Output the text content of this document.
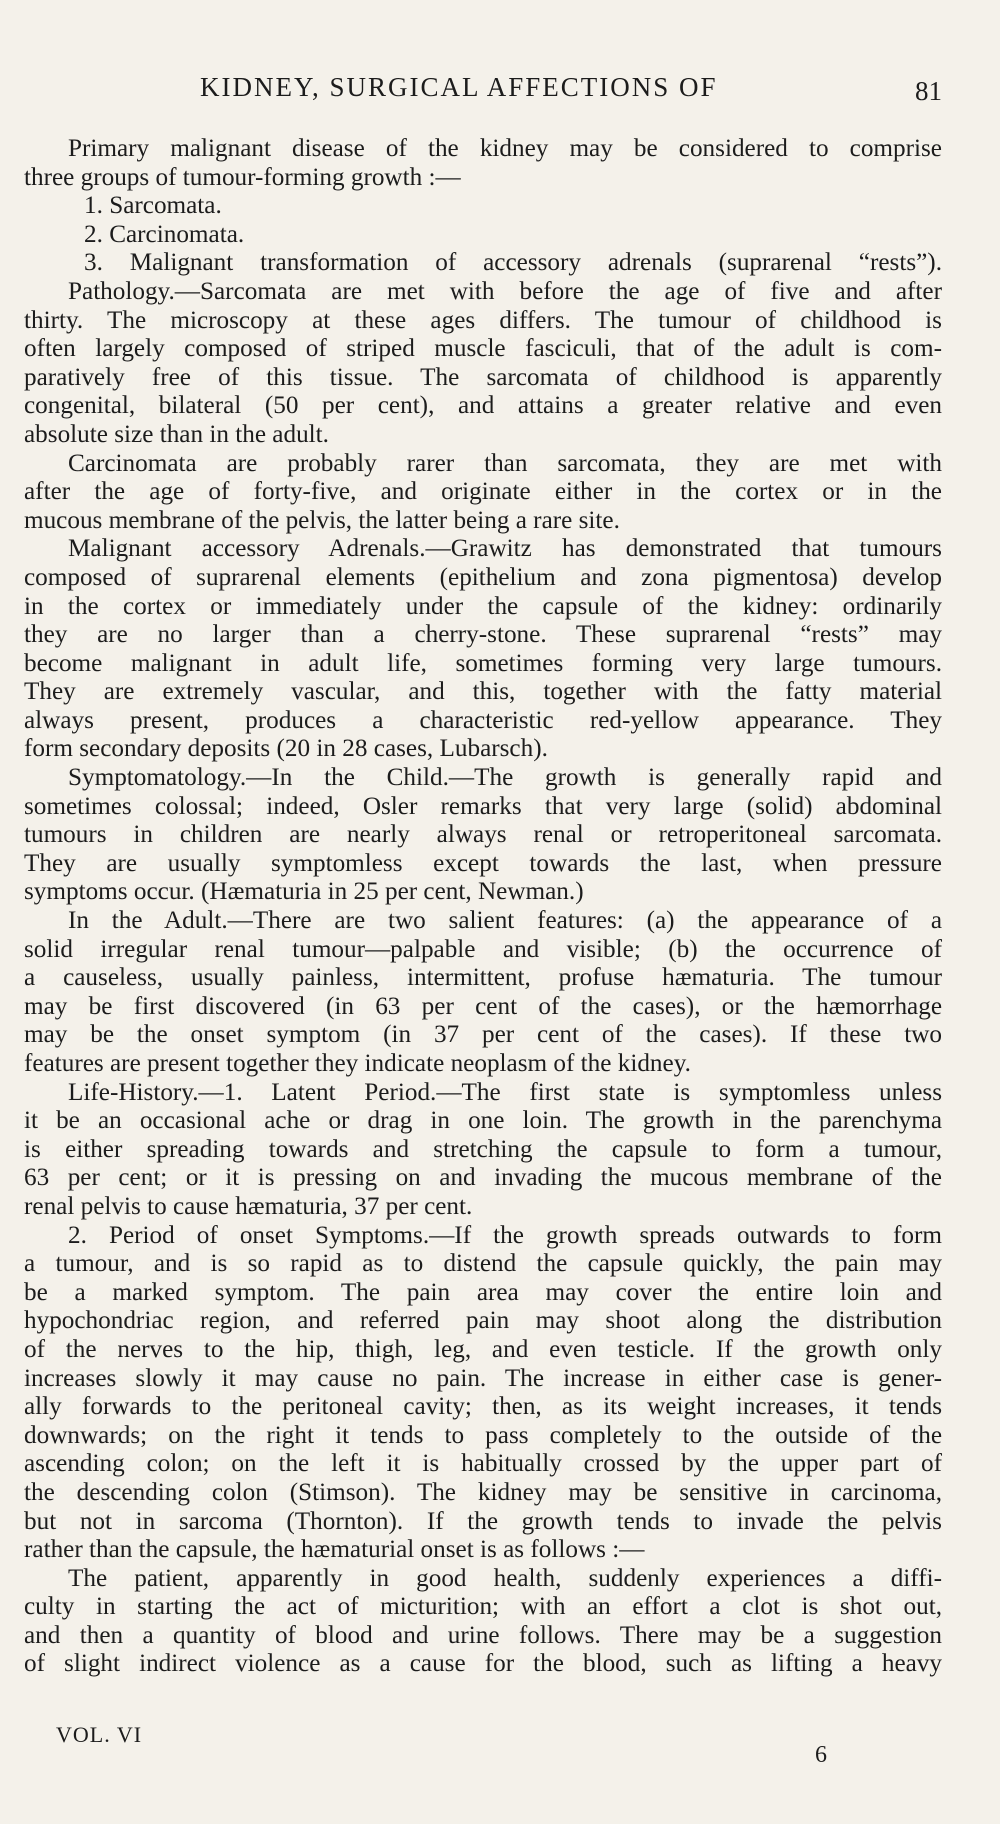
KIDNEY, SURGICAL AFFECTIONS OF	81
Primary malignant disease of the kidney may be considered to comprise
three groups of tumour-forming growth :—
1. Sarcomata.
2. Carcinomata.
3. Malignant transformation of accessory adrenals (suprarenal “rests”).
Pathology.—Sarcomata are met with before the age of five and after
thirty. The microscopy at these ages differs. The tumour of childhood is
often largely composed of striped muscle fasciculi, that of the adult is com-
paratively free of this tissue. The sarcomata of childhood is apparently
congenital, bilateral (50 per cent), and attains a greater relative and even
absolute size than in the adult.
Carcinomata are probably rarer than sarcomata, they are met with
after the age of forty-five, and originate either in the cortex or in the
mucous membrane of the pelvis, the latter being a rare site.
Malignant accessory Adrenals.—Grawitz has demonstrated that tumours
composed of suprarenal elements (epithelium and zona pigmentosa) develop
in the cortex or immediately under the capsule of the kidney: ordinarily
they are no larger than a cherry-stone. These suprarenal “rests” may
become malignant in adult life, sometimes forming very large tumours.
They are extremely vascular, and this, together with the fatty material
always present, produces a characteristic red-yellow appearance. They
form secondary deposits (20 in 28 cases, Lubarsch).
Symptomatology.—In the Child.—The growth is generally rapid and
sometimes colossal; indeed, Osler remarks that very large (solid) abdominal
tumours in children are nearly always renal or retroperitoneal sarcomata.
They are usually symptomless except towards the last, when pressure
symptoms occur. (Hæmaturia in 25 per cent, Newman.)
In the Adult.—There are two salient features: (a) the appearance of a
solid irregular renal tumour—palpable and visible; (b) the occurrence of
a causeless, usually painless, intermittent, profuse hæmaturia. The tumour
may be first discovered (in 63 per cent of the cases), or the hæmorrhage
may be the onset symptom (in 37 per cent of the cases). If these two
features are present together they indicate neoplasm of the kidney.
Life-History.—1. Latent Period.—The first state is symptomless unless
it be an occasional ache or drag in one loin. The growth in the parenchyma
is either spreading towards and stretching the capsule to form a tumour,
63 per cent; or it is pressing on and invading the mucous membrane of the
renal pelvis to cause hæmaturia, 37 per cent.
2. Period of onset Symptoms.—If the growth spreads outwards to form
a tumour, and is so rapid as to distend the capsule quickly, the pain may
be a marked symptom. The pain area may cover the entire loin and
hypochondriac region, and referred pain may shoot along the distribution
of the nerves to the hip, thigh, leg, and even testicle. If the growth only
increases slowly it may cause no pain. The increase in either case is gener-
ally forwards to the peritoneal cavity; then, as its weight increases, it tends
downwards; on the right it tends to pass completely to the outside of the
ascending colon; on the left it is habitually crossed by the upper part of
the descending colon (Stimson). The kidney may be sensitive in carcinoma,
but not in sarcoma (Thornton). If the growth tends to invade the pelvis
rather than the capsule, the hæmaturial onset is as follows :—
The patient, apparently in good health, suddenly experiences a diffi-
culty in starting the act of micturition; with an effort a clot is shot out,
and then a quantity of blood and urine follows. There may be a suggestion
of slight indirect violence as a cause for the blood, such as lifting a heavy
VOL. VI
6
